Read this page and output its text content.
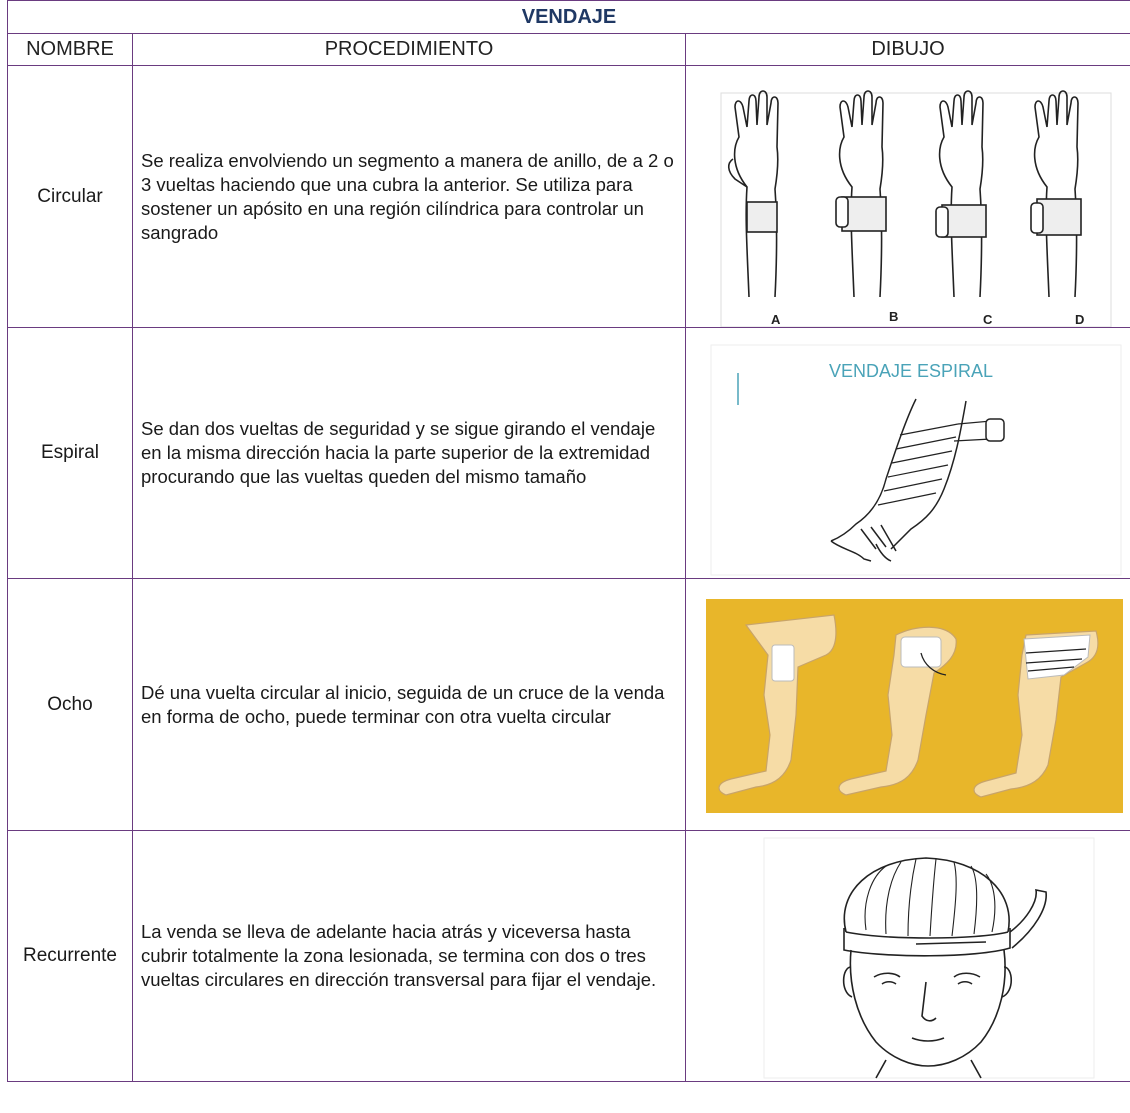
VENDAJE		
NOMBRE	PROCEDIMIENTO	DIBUJO
Circular	Se realiza envolviendo un segmento a manera de anillo, de a 2 o 3 vueltas haciendo que una cubra la anterior. Se utiliza para sostener un apósito en una región cilíndrica para controlar un sangrado	A B C D

Espiral	Se dan dos vueltas de seguridad y se sigue girando el vendaje en la misma dirección hacia la parte superior de la extremidad procurando que las vueltas queden del mismo tamaño	VENDAJE ESPIRAL

Ocho	Dé una vuelta circular al inicio, seguida de un cruce de la venda en forma de ocho, puede terminar con otra vuelta circular	

Recurrente	La venda se lleva de adelante hacia atrás y viceversa hasta cubrir totalmente la zona lesionada, se termina con dos o tres vueltas circulares en dirección transversal para fijar el vendaje.	
